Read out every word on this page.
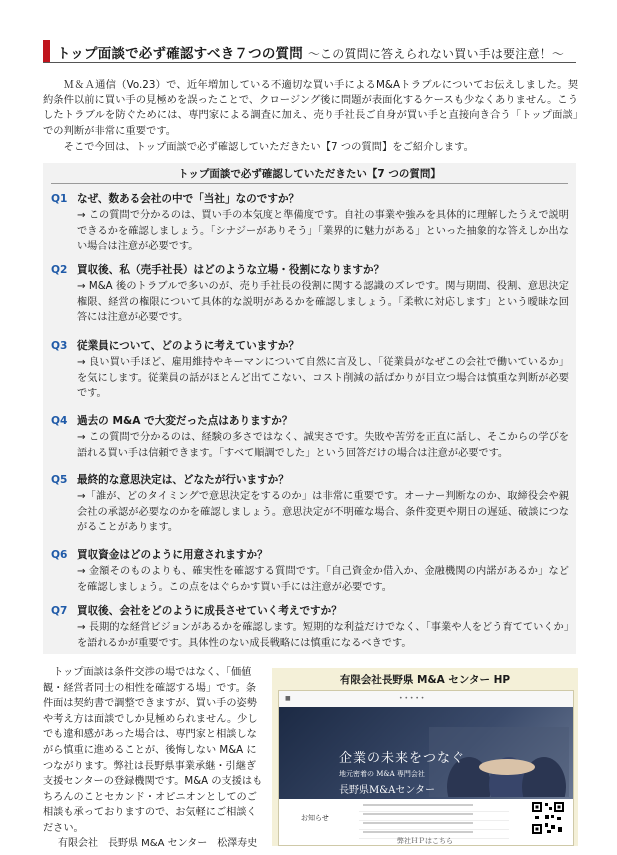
トップ面談で必ず確認すべき７つの質問 〜この質問に答えられない買い手は要注意！〜

Ｍ＆Ａ通信（Vo.23）で、近年増加している不適切な買い手によるM&Aトラブルについてお伝えしました。契約条件以前に買い手の見極めを誤ったことで、クロージング後に問題が表面化するケースも少なくありません。こうしたトラブルを防ぐためには、専門家による調査に加え、売り手社長ご自身が買い手と直接向き合う「トップ面談」での判断が非常に重要です。

そこで今回は、トップ面談で必ず確認していただきたい【7 つの質問】をご紹介します。

トップ面談で必ず確認していただきたい【7 つの質問】
Q1 なぜ、数ある会社の中で「当社」なのですか？

→ この質問で分かるのは、買い手の本気度と準備度です。自社の事業や強みを具体的に理解したうえで説明できるかを確認しましょう。「シナジーがありそう」「業界的に魅力がある」といった抽象的な答えしか出ない場合は注意が必要です。

Q2 買収後、私（売手社長）はどのような立場・役割になりますか？

→ M&A 後のトラブルで多いのが、売り手社長の役割に関する認識のズレです。関与期間、役割、意思決定権限、経営の権限について具体的な説明があるかを確認しましょう。「柔軟に対応します」という曖昧な回答には注意が必要です。

Q3 従業員について、どのように考えていますか？

→ 良い買い手ほど、雇用維持やキーマンについて自然に言及し、「従業員がなぜこの会社で働いているか」を気にします。従業員の話がほとんど出てこない、コスト削減の話ばかりが目立つ場合は慎重な判断が必要です。

Q4 過去の M&A で大変だった点はありますか？

→ この質問で分かるのは、経験の多さではなく、誠実さです。失敗や苦労を正直に話し、そこからの学びを語れる買い手は信頼できます。「すべて順調でした」という回答だけの場合は注意が必要です。

Q5 最終的な意思決定は、どなたが行いますか？

→「誰が、どのタイミングで意思決定をするのか」は非常に重要です。オーナー判断なのか、取締役会や親会社の承認が必要なのかを確認しましょう。意思決定が不明確な場合、条件変更や期日の遅延、破談につながることがあります。

Q6 買収資金はどのように用意されますか？

→ 金額そのものよりも、確実性を確認する質問です。「自己資金か借入か、金融機関の内諾があるか」などを確認しましょう。この点をはぐらかす買い手には注意が必要です。

Q7 買収後、会社をどのように成長させていく考えですか？

→ 長期的な経営ビジョンがあるかを確認します。短期的な利益だけでなく、「事業や人をどう育てていくか」を語れるかが重要です。具体性のない成長戦略には慎重になるべきです。

トップ面談は条件交渉の場ではなく、「価値観・経営者同士の相性を確認する場」です。条件面は契約書で調整できますが、買い手の姿勢や考え方は面談でしか見極められません。少しでも違和感があった場合は、専門家と相談しながら慎重に進めることが、後悔しない M&A につながります。弊社は長野県事業承継・引継ぎ支援センターの登録機関です。M&A の支援はもちろんのことセカンド・オピニオンとしてのご相談も承っておりますので、お気軽にご相談ください。

有限会社　長野県 M&A センター　松澤寿史
有限会社長野県 M&A センター HP
■	• • • • •
企業の未来をつなぐ
地元密着の M&A 専門会社
長野県M&Aセンター
お知らせ
弊社ＨＰはこちら
